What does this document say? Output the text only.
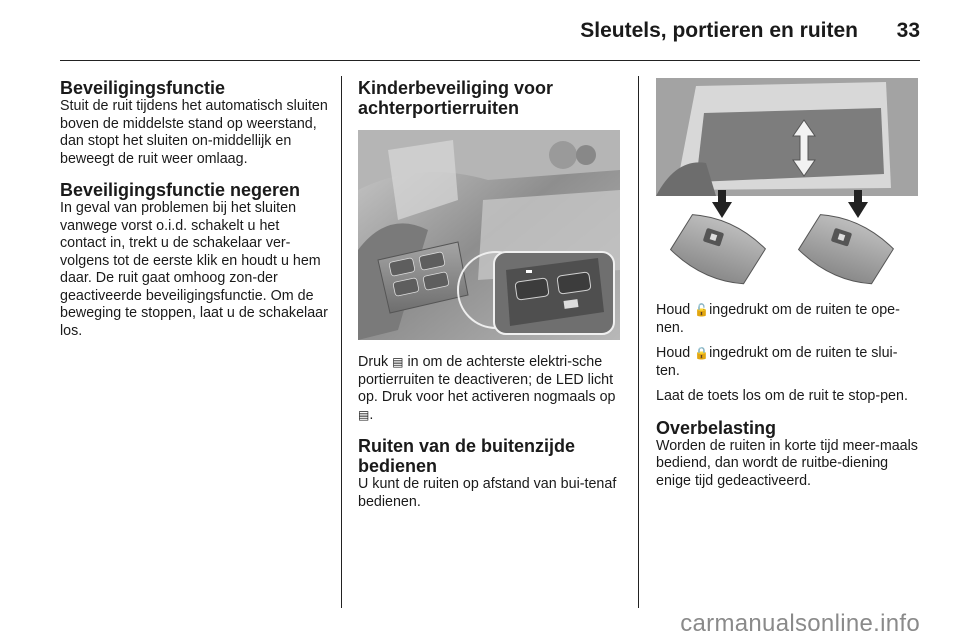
Sleutels, portieren en ruiten 33
Beveiligingsfunctie

Stuit de ruit tijdens het automatisch sluiten boven de middelste stand op weerstand, dan stopt het sluiten on-middellijk en beweegt de ruit weer omlaag.

Beveiligingsfunctie negeren

In geval van problemen bij het sluiten vanwege vorst o.i.d. schakelt u het contact in, trekt u de schakelaar ver-volgens tot de eerste klik en houdt u hem daar. De ruit gaat omhoog zon-der geactiveerde beveiligingsfunctie. Om de beweging te stoppen, laat u de schakelaar los.

Kinderbeveiliging voor achterportierruiten

Druk ▤ in om de achterste elektri-sche portierruiten te deactiveren; de LED licht op. Druk voor het activeren nogmaals op ▤.

Ruiten van de buitenzijde bedienen

U kunt de ruiten op afstand van bui-tenaf bedienen.

Houd 🔓ingedrukt om de ruiten te ope-nen.

Houd 🔒ingedrukt om de ruiten te slui-ten.

Laat de toets los om de ruit te stop-pen.

Overbelasting

Worden de ruiten in korte tijd meer-maals bediend, dan wordt de ruitbe-diening enige tijd gedeactiveerd.

carmanualsonline.info
